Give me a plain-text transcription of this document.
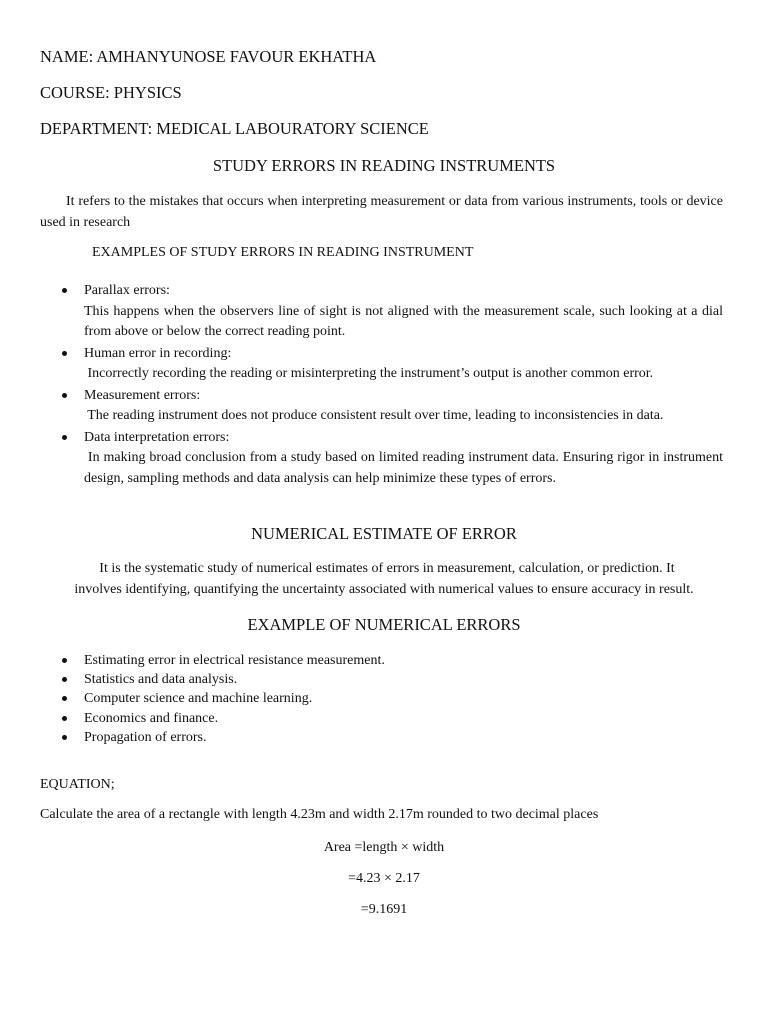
NAME: AMHANYUNOSE FAVOUR EKHATHA
COURSE: PHYSICS
DEPARTMENT: MEDICAL LABOURATORY SCIENCE
STUDY ERRORS IN READING INSTRUMENTS
It refers to the mistakes that occurs when interpreting measurement or data from various instruments, tools or device used in research
EXAMPLES OF STUDY ERRORS IN READING INSTRUMENT
Parallax errors:
This happens when the observers line of sight is not aligned with the measurement scale, such looking at a dial from above or below the correct reading point.
Human error in recording:
Incorrectly recording the reading or misinterpreting the instrument’s output is another common error.
Measurement errors:
The reading instrument does not produce consistent result over time, leading to inconsistencies in data.
Data interpretation errors:
In making broad conclusion from a study based on limited reading instrument data. Ensuring rigor in instrument design, sampling methods and data analysis can help minimize these types of errors.
NUMERICAL ESTIMATE OF ERROR
It is the systematic study of numerical estimates of errors in measurement, calculation, or prediction. It
involves identifying, quantifying the uncertainty associated with numerical values to ensure accuracy in result.
EXAMPLE OF NUMERICAL ERRORS
Estimating error in electrical resistance measurement.
Statistics and data analysis.
Computer science and machine learning.
Economics and finance.
Propagation of errors.
EQUATION;
Calculate the area of a rectangle with length 4.23m and width 2.17m rounded to two decimal places
Area =length × width
=4.23 × 2.17
=9.1691
